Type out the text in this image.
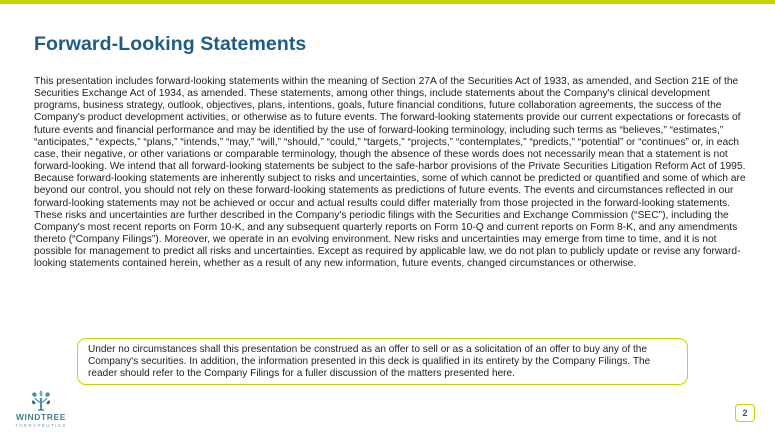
Forward-Looking Statements

This presentation includes forward-looking statements within the meaning of Section 27A of the Securities Act of 1933, as amended, and Section 21E of the Securities Exchange Act of 1934, as amended. These statements, among other things, include statements about the Company's clinical development programs, business strategy, outlook, objectives, plans, intentions, goals, future financial conditions, future collaboration agreements, the success of the Company's product development activities, or otherwise as to future events. The forward-looking statements provide our current expectations or forecasts of future events and financial performance and may be identified by the use of forward-looking terminology, including such terms as “believes,” “estimates,” “anticipates,” “expects,” “plans,” “intends,” “may,” “will,” “should,” “could,” “targets,” “projects,” “contemplates,” “predicts,” “potential” or “continues” or, in each case, their negative, or other variations or comparable terminology, though the absence of these words does not necessarily mean that a statement is not forward-looking. We intend that all forward-looking statements be subject to the safe-harbor provisions of the Private Securities Litigation Reform Act of 1995. Because forward-looking statements are inherently subject to risks and uncertainties, some of which cannot be predicted or quantified and some of which are beyond our control, you should not rely on these forward-looking statements as predictions of future events. The events and circumstances reflected in our forward-looking statements may not be achieved or occur and actual results could differ materially from those projected in the forward-looking statements. These risks and uncertainties are further described in the Company's periodic filings with the Securities and Exchange Commission (“SEC”), including the Company's most recent reports on Form 10-K, and any subsequent quarterly reports on Form 10-Q and current reports on Form 8-K, and any amendments thereto (“Company Filings”). Moreover, we operate in an evolving environment. New risks and uncertainties may emerge from time to time, and it is not possible for management to predict all risks and uncertainties. Except as required by applicable law, we do not plan to publicly update or revise any forward-looking statements contained herein, whether as a result of any new information, future events, changed circumstances or otherwise.

Under no circumstances shall this presentation be construed as an offer to sell or as a solicitation of an offer to buy any of the Company's securities. In addition, the information presented in this deck is qualified in its entirety by the Company Filings. The reader should refer to the Company Filings for a fuller discussion of the matters presented here.

WINDTREE
THERAPEUTICS
2
